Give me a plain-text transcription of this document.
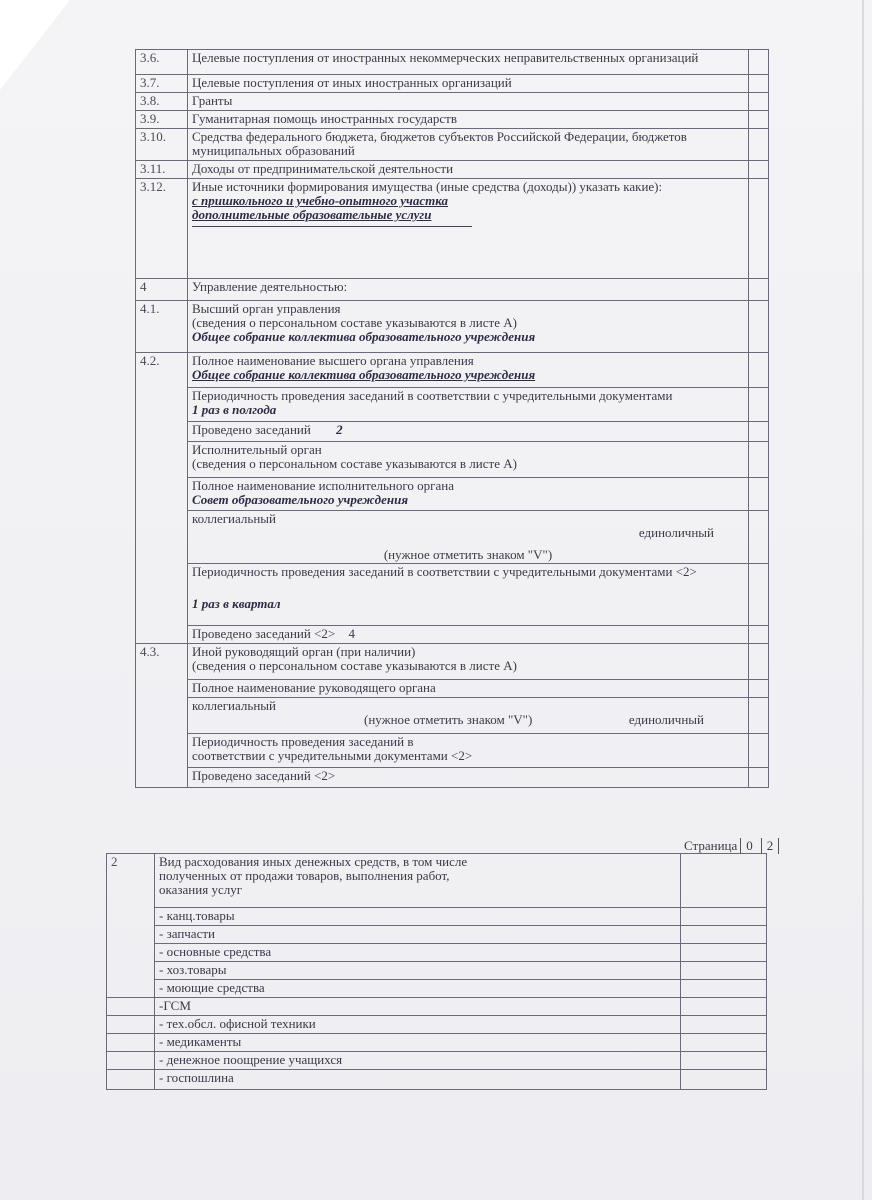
3.6.	Целевые поступления от иностранных некоммерческих неправительственных организаций	
3.7.	Целевые поступления от иных иностранных организаций	
3.8.	Гранты	
3.9.	Гуманитарная помощь иностранных государств	
3.10.	Средства федерального бюджета, бюджетов субъектов Российской Федерации, бюджетов муниципальных образований	
3.11.	Доходы от предпринимательской деятельности	
3.12.	Иные источники формирования имущества (иные средства (доходы)) указать какие):
с пришкольного и учебно-опытного участка
дополнительные образовательные услуги	

4	Управление деятельностью:	
4.1.	Высший орган управления
(сведения о персональном составе указываются в листе А)
Общее собрание коллектива образовательного учреждения	

4.2.	Полное наименование высшего органа управления
Общее собрание коллектива образовательного учреждения	

	Периодичность проведения заседаний в соответствии с учредительными документами
1 раз в полгода	

	Проведено заседаний 2	

	Исполнительный орган
(сведения о персональном составе указываются в листе А)	

	Полное наименование исполнительного органа
Совет образовательного учреждения	

	коллегиальный
единоличный
(нужное отметить знаком "V")	

	Периодичность проведения заседаний в соответствии с учредительными документами <2>
1 раз в квартал	

	Проведено заседаний <2> 4	
4.3.	Иной руководящий орган (при наличии)
(сведения о персональном составе указываются в листе А)	

	Полное наименование руководящего органа	

	коллегиальный
(нужное отметить знаком "V") единоличный	

	Периодичность проведения заседаний в
соответствии с учредительными документами <2>	

	Проведено заседаний <2>	
Страница 0	2
2	Вид расходования иных денежных средств, в том числе полученных от продажи товаров, выполнения работ, оказания услуг	
	- канц.товары	
	- запчасти	
	- основные средства	
	- хоз.товары	
	- моющие средства	
	-ГСМ	
	- тех.обсл. офисной техники	
	- медикаменты	
	- денежное поощрение учащихся	
	- госпошлина	
